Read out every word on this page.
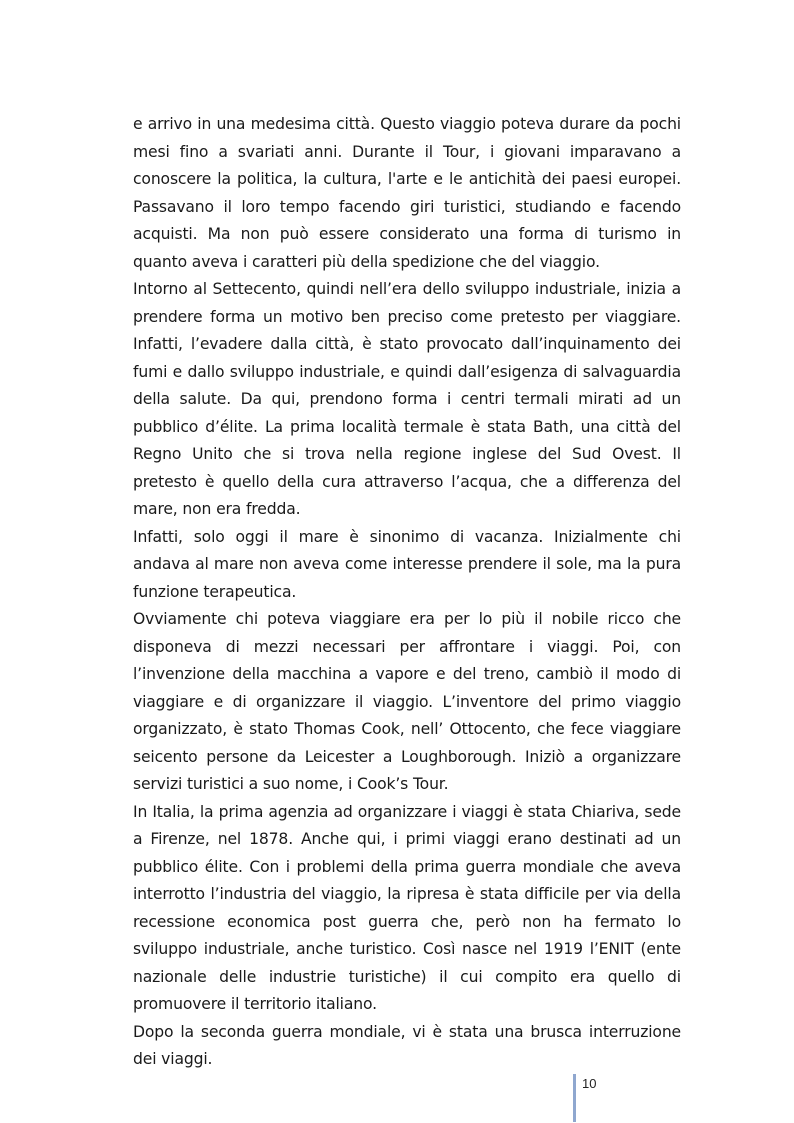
e arrivo in una medesima città. Questo viaggio poteva durare da pochi mesi fino a svariati anni. Durante il Tour, i giovani imparavano a conoscere la politica, la cultura, l'arte e le antichità dei paesi europei. Passavano il loro tempo facendo giri turistici, studiando e facendo acquisti. Ma non può essere considerato una forma di turismo in quanto aveva i caratteri più della spedizione che del viaggio.

Intorno al Settecento, quindi nell’era dello sviluppo industriale, inizia a prendere forma un motivo ben preciso come pretesto per viaggiare. Infatti, l’evadere dalla città, è stato provocato dall’inquinamento dei fumi e dallo sviluppo industriale, e quindi dall’esigenza di salvaguardia della salute. Da qui, prendono forma i centri termali mirati ad un pubblico d’élite. La prima località termale è stata Bath, una città del Regno Unito che si trova nella regione inglese del Sud Ovest. Il pretesto è quello della cura attraverso l’acqua, che a differenza del mare, non era fredda.

Infatti, solo oggi il mare è sinonimo di vacanza. Inizialmente chi andava al mare non aveva come interesse prendere il sole, ma la pura funzione terapeutica.

Ovviamente chi poteva viaggiare era per lo più il nobile ricco che disponeva di mezzi necessari per affrontare i viaggi. Poi, con l’invenzione della macchina a vapore e del treno, cambiò il modo di viaggiare e di organizzare il viaggio. L’inventore del primo viaggio organizzato, è stato Thomas Cook, nell’ Ottocento, che fece viaggiare seicento persone da Leicester a Loughborough. Iniziò a organizzare servizi turistici a suo nome, i Cook’s Tour.

In Italia, la prima agenzia ad organizzare i viaggi è stata Chiariva, sede a Firenze, nel 1878. Anche qui, i primi viaggi erano destinati ad un pubblico élite. Con i problemi della prima guerra mondiale che aveva interrotto l’industria del viaggio, la ripresa è stata difficile per via della recessione economica post guerra che, però non ha fermato lo sviluppo industriale, anche turistico. Così nasce nel 1919 l’ENIT (ente nazionale delle industrie turistiche) il cui compito era quello di promuovere il territorio italiano.

Dopo la seconda guerra mondiale, vi è stata una brusca interruzione dei viaggi.

10
